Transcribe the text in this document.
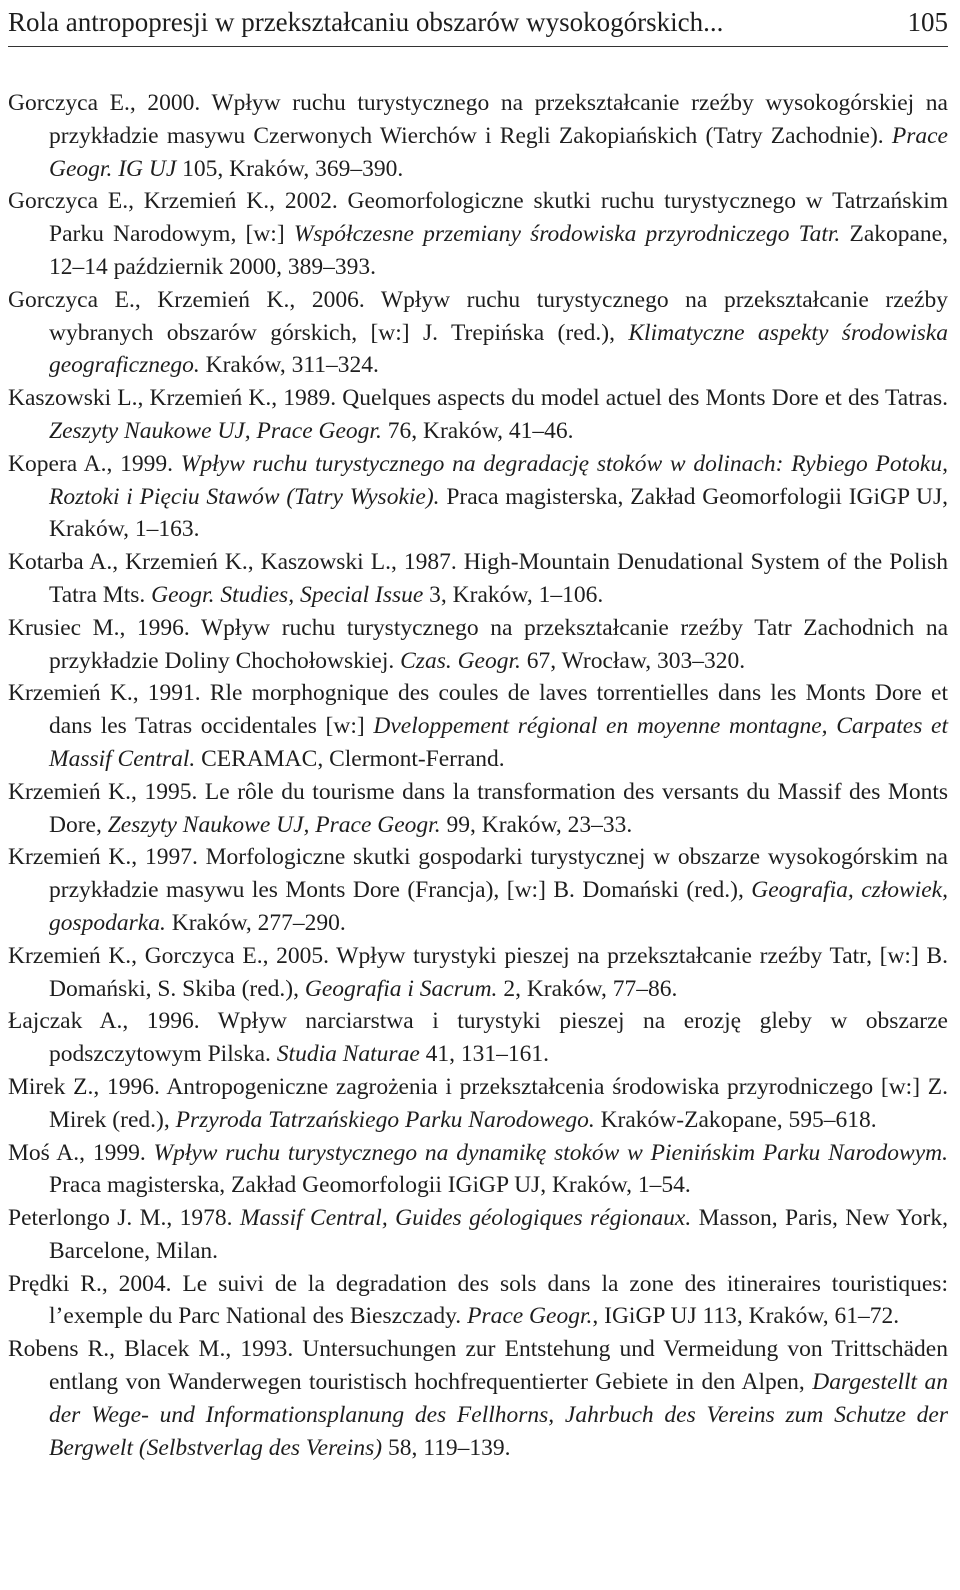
Rola antropopresji w przekształcaniu obszarów wysokogórskich...	105

Gorczyca E., 2000. Wpływ ruchu turystycznego na przekształcanie rzeźby wysokogórskiej na przykładzie masywu Czerwonych Wierchów i Regli Zakopiańskich (Tatry Zachodnie). Prace Geogr. IG UJ 105, Kraków, 369–390.

Gorczyca E., Krzemień K., 2002. Geomorfologiczne skutki ruchu turystycznego w Tatrzańskim Parku Narodowym, [w:] Współczesne przemiany środowiska przyrodniczego Tatr. Zakopane, 12–14 październik 2000, 389–393.

Gorczyca E., Krzemień K., 2006. Wpływ ruchu turystycznego na przekształcanie rzeźby wybranych obszarów górskich, [w:] J. Trepińska (red.), Klimatyczne aspekty środowiska geograficznego. Kraków, 311–324.

Kaszowski L., Krzemień K., 1989. Quelques aspects du model actuel des Monts Dore et des Tatras. Zeszyty Naukowe UJ, Prace Geogr. 76, Kraków, 41–46.

Kopera A., 1999. Wpływ ruchu turystycznego na degradację stoków w dolinach: Rybiego Potoku, Roztoki i Pięciu Stawów (Tatry Wysokie). Praca magisterska, Zakład Geomorfologii IGiGP UJ, Kraków, 1–163.

Kotarba A., Krzemień K., Kaszowski L., 1987. High-Mountain Denudational System of the Polish Tatra Mts. Geogr. Studies, Special Issue 3, Kraków, 1–106.

Krusiec M., 1996. Wpływ ruchu turystycznego na przekształcanie rzeźby Tatr Zachodnich na przykładzie Doliny Chochołowskiej. Czas. Geogr. 67, Wrocław, 303–320.

Krzemień K., 1991. Rle morphognique des coules de laves torrentielles dans les Monts Dore et dans les Tatras occidentales [w:] Dveloppement régional en moyenne montagne, Carpates et Massif Central. CERAMAC, Clermont-Ferrand.

Krzemień K., 1995. Le rôle du tourisme dans la transformation des versants du Massif des Monts Dore, Zeszyty Naukowe UJ, Prace Geogr. 99, Kraków, 23–33.

Krzemień K., 1997. Morfologiczne skutki gospodarki turystycznej w obszarze wysokogórskim na przykładzie masywu les Monts Dore (Francja), [w:] B. Domański (red.), Geografia, człowiek, gospodarka. Kraków, 277–290.

Krzemień K., Gorczyca E., 2005. Wpływ turystyki pieszej na przekształcanie rzeźby Tatr, [w:] B. Domański, S. Skiba (red.), Geografia i Sacrum. 2, Kraków, 77–86.

Łajczak A., 1996. Wpływ narciarstwa i turystyki pieszej na erozję gleby w obszarze podszczytowym Pilska. Studia Naturae 41, 131–161.

Mirek Z., 1996. Antropogeniczne zagrożenia i przekształcenia środowiska przyrodniczego [w:] Z. Mirek (red.), Przyroda Tatrzańskiego Parku Narodowego. Kraków-Zakopane, 595–618.

Moś A., 1999. Wpływ ruchu turystycznego na dynamikę stoków w Pienińskim Parku Narodowym. Praca magisterska, Zakład Geomorfologii IGiGP UJ, Kraków, 1–54.

Peterlongo J. M., 1978. Massif Central, Guides géologiques régionaux. Masson, Paris, New York, Barcelone, Milan.

Prędki R., 2004. Le suivi de la degradation des sols dans la zone des itineraires touristiques: l’exemple du Parc National des Bieszczady. Prace Geogr., IGiGP UJ 113, Kraków, 61–72.

Robens R., Blacek M., 1993. Untersuchungen zur Entstehung und Vermeidung von Trittschäden entlang von Wanderwegen touristisch hochfrequentierter Gebiete in den Alpen, Dargestellt an der Wege- und Informationsplanung des Fellhorns, Jahrbuch des Vereins zum Schutze der Bergwelt (Selbstverlag des Vereins) 58, 119–139.
